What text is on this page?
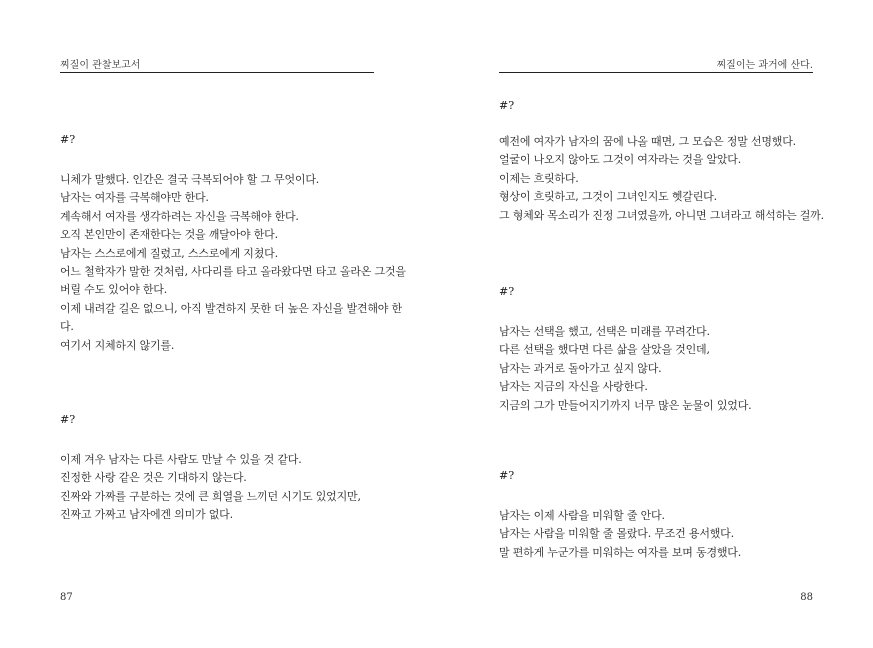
찌질이 관찰보고서

#?

니체가 말했다. 인간은 결국 극복되어야 할 그 무엇이다.

남자는 여자를 극복해야만 한다.

계속해서 여자를 생각하려는 자신을 극복해야 한다.

오직 본인만이 존재한다는 것을 깨달아야 한다.

남자는 스스로에게 질렸고, 스스로에게 지쳤다.

어느 철학자가 말한 것처럼, 사다리를 타고 올라왔다면 타고 올라온 그것을

버릴 수도 있어야 한다.

이제 내려갈 길은 없으니, 아직 발견하지 못한 더 높은 자신을 발견해야 한

다.

여기서 지체하지 않기를.

#?

이제 겨우 남자는 다른 사람도 만날 수 있을 것 같다.

진정한 사랑 같은 것은 기대하지 않는다.

진짜와 가짜를 구분하는 것에 큰 희열을 느끼던 시기도 있었지만,

진짜고 가짜고 남자에겐 의미가 없다.

87
찌질이는 과거에 산다.

#?

예전에 여자가 남자의 꿈에 나올 때면, 그 모습은 정말 선명했다.

얼굴이 나오지 않아도 그것이 여자라는 것을 알았다.

이제는 흐릿하다.

형상이 흐릿하고, 그것이 그녀인지도 헷갈린다.

그 형체와 목소리가 진정 그녀였을까, 아니면 그녀라고 해석하는 걸까.

#?

남자는 선택을 했고, 선택은 미래를 꾸려간다.

다른 선택을 했다면 다른 삶을 살았을 것인데,

남자는 과거로 돌아가고 싶지 않다.

남자는 지금의 자신을 사랑한다.

지금의 그가 만들어지기까지 너무 많은 눈물이 있었다.

#?

남자는 이제 사람을 미워할 줄 안다.

남자는 사람을 미워할 줄 몰랐다. 무조건 용서했다.

말 편하게 누군가를 미워하는 여자를 보며 동경했다.

88
